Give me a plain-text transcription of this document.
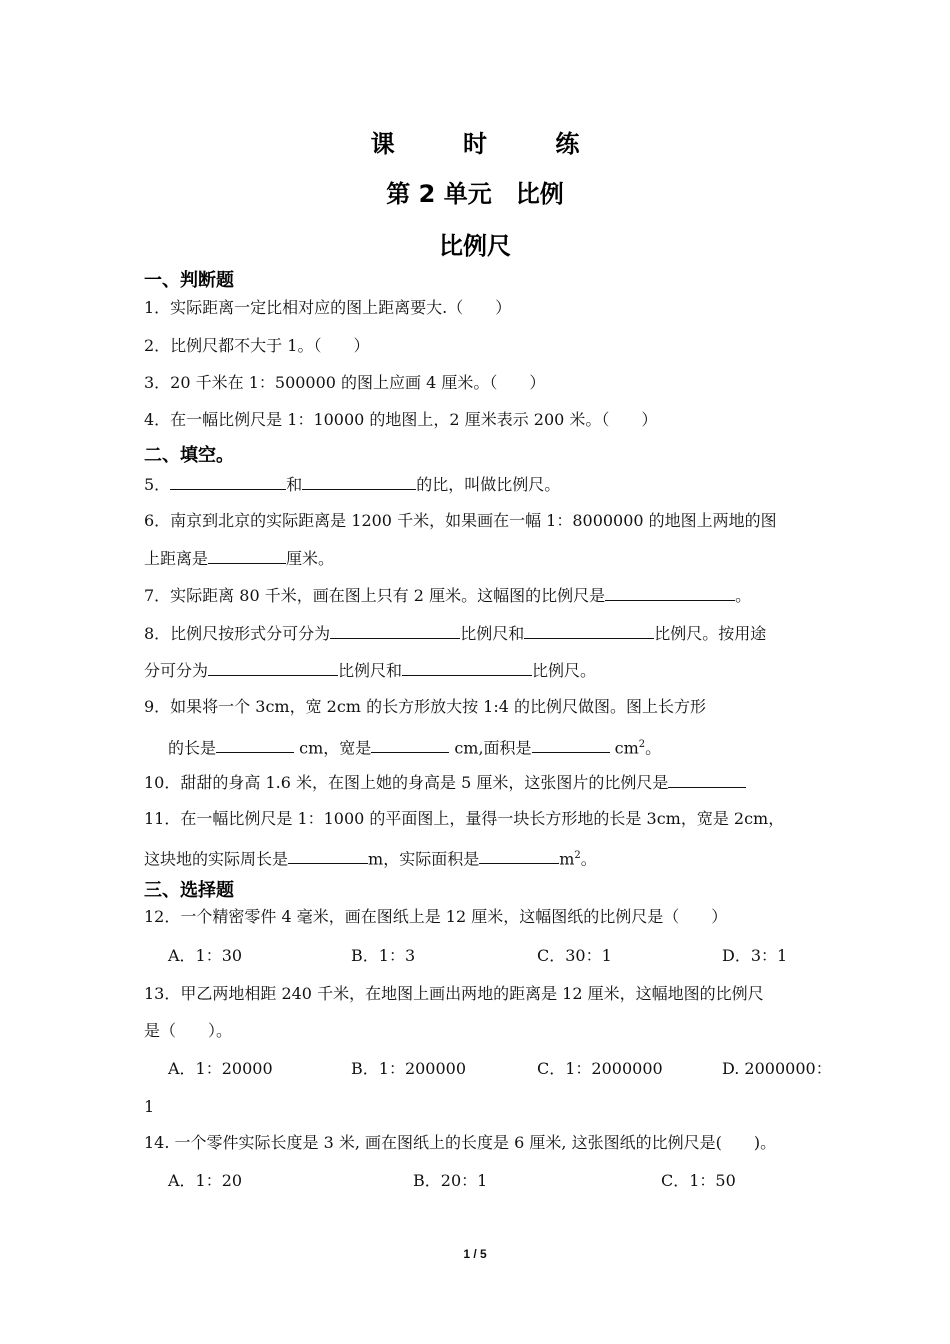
课 时 练
第 2 单元　比例
比例尺
一、判断题
1．实际距离一定比相对应的图上距离要大.（　　）
2．比例尺都不大于 1。（　　）
3．20 千米在 1：500000 的图上应画 4 厘米。（　　）
4．在一幅比例尺是 1：10000 的地图上，2 厘米表示 200 米。（　　）
二、填空。
5．	和	的比，叫做比例尺。
6．南京到北京的实际距离是 1200 千米，如果画在一幅 1：8000000 的地图上两地的图
上距离是	厘米。
7．实际距离 80 千米，画在图上只有 2 厘米。这幅图的比例尺是	。
8．比例尺按形式分可分为	比例尺和	比例尺。按用途
分可分为	比例尺和	比例尺。
9．如果将一个 3cm，宽 2cm 的长方形放大按 1:4 的比例尺做图。图上长方形
的长是	cm，宽是	cm,面积是	$cm^2$。
10．甜甜的身高 1.6 米，在图上她的身高是 5 厘米，这张图片的比例尺是
11．在一幅比例尺是 1：1000 的平面图上，量得一块长方形地的长是 3cm，宽是 2cm，
这块地的实际周长是	m，实际面积是	$m^2$。
三、选择题
12．一个精密零件 4 毫米，画在图纸上是 12 厘米，这幅图纸的比例尺是（　　）
A．1：30	B．1：3	C．30：1	D．3：1
13．甲乙两地相距 240 千米，在地图上画出两地的距离是 12 厘米，这幅地图的比例尺
是（　　）。
A．1：20000	B．1：200000	C．1：2000000	D. 2000000：
1
14. 一个零件实际长度是 3 米, 画在图纸上的长度是 6 厘米, 这张图纸的比例尺是(　　)。
A．1：20	B．20：1	C．1：50
1 / 5
